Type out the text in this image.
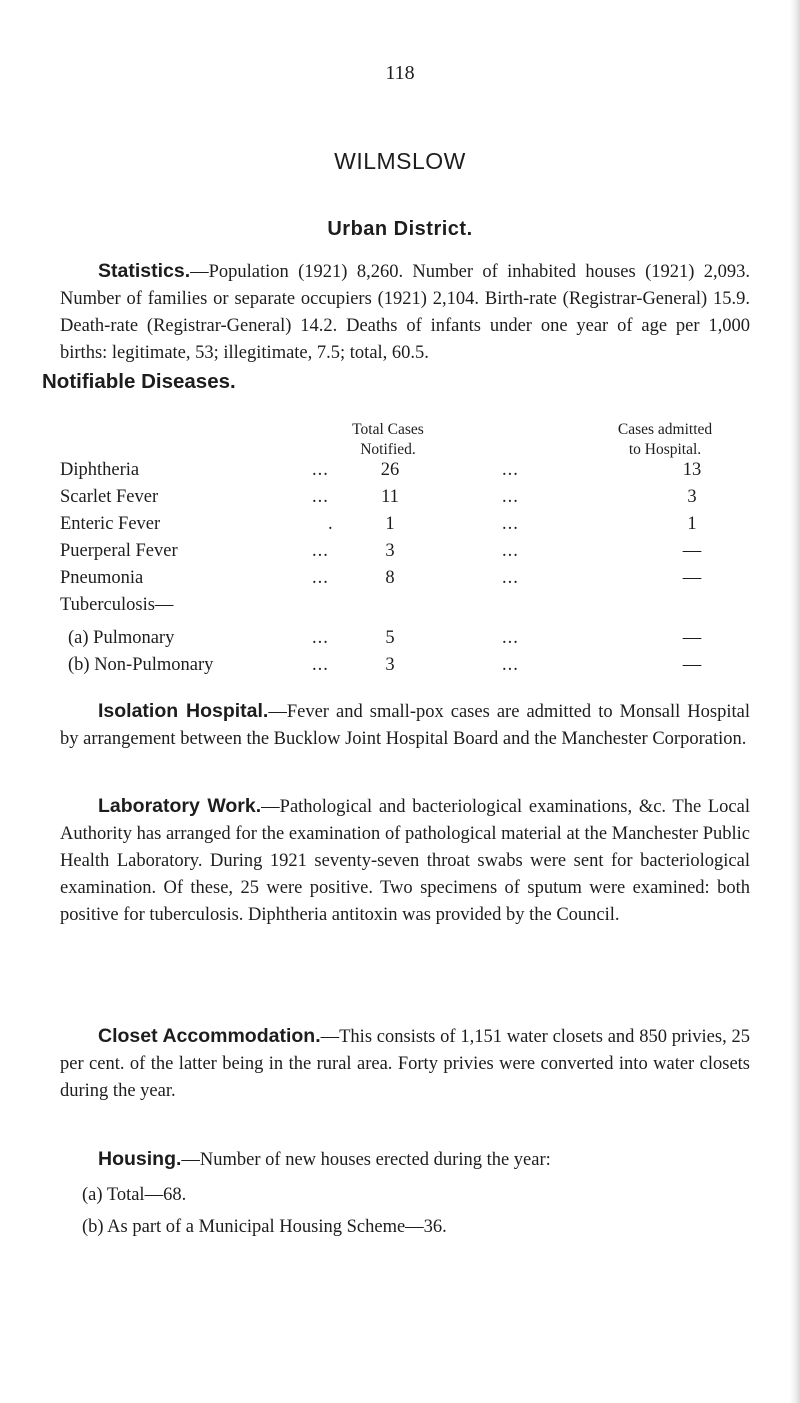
118
WILMSLOW
Urban District.

Statistics.—Population (1921) 8,260. Number of inhabited houses (1921) 2,093. Number of families or separate occupiers (1921) 2,104. Birth-rate (Registrar-General) 15.9. Death-rate (Registrar-General) 14.2. Deaths of infants under one year of age per 1,000 births: legitimate, 53; illegitimate, 7.5; total, 60.5.

Notifiable Diseases.
Total Cases
Notified.
Cases admitted
to Hospital.
Diphtheria	...	26	...	13
Scarlet Fever	...	11	...	3
Enteric Fever	.	1	...	1
Puerperal Fever	...	3	...	—
Pneumonia	...	8	...	—
Tuberculosis—
(a) Pulmonary	...	5	...	—
(b) Non-Pulmonary	...	3	...	—

Isolation Hospital.—Fever and small-pox cases are admitted to Monsall Hospital by arrangement between the Bucklow Joint Hospital Board and the Manchester Corporation.

Laboratory Work.—Pathological and bacteriological examinations, &c. The Local Authority has arranged for the examination of pathological material at the Manchester Public Health Laboratory. During 1921 seventy-seven throat swabs were sent for bacteriological examination. Of these, 25 were positive. Two specimens of sputum were examined: both positive for tuberculosis. Diphtheria antitoxin was provided by the Council.

Closet Accommodation.—This consists of 1,151 water closets and 850 privies, 25 per cent. of the latter being in the rural area. Forty privies were converted into water closets during the year.

Housing.—Number of new houses erected during the year:

(a) Total—68.
(b) As part of a Municipal Housing Scheme—36.
